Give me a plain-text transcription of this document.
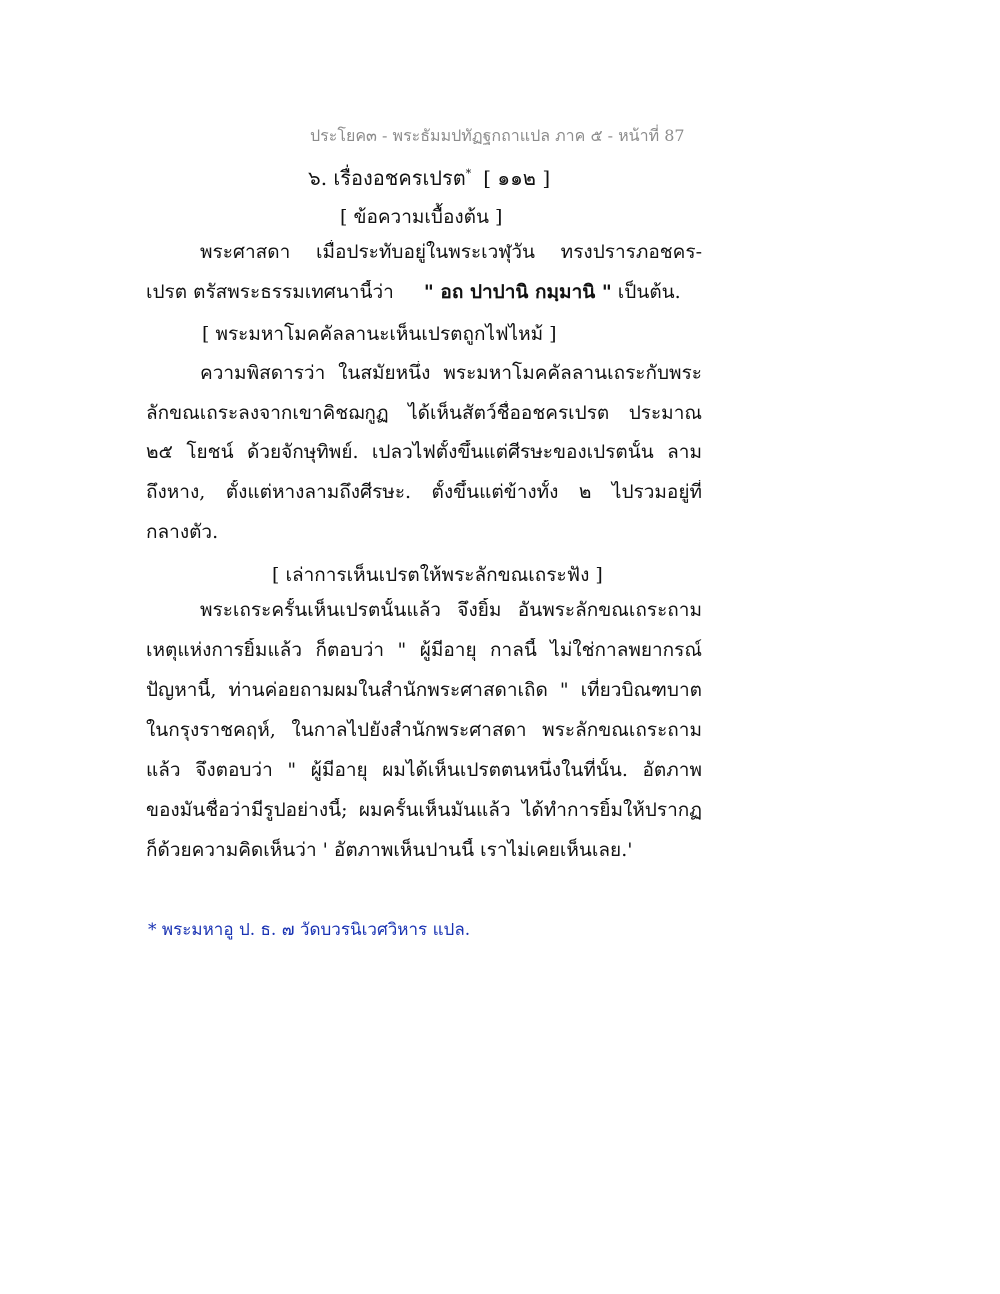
ประโยค๓ - พระธัมมปทัฏฐกถาแปล ภาค ๕ - หน้าที่ 87
๖. เรื่องอชครเปรต* [ ๑๑๒ ]
[ ข้อความเบื้องต้น ]
พระศาสดา เมื่อประทับอยู่ในพระเวฬุวัน ทรงปรารภอชคร-
เปรต ตรัสพระธรรมเทศนานี้ว่า " อถ ปาปานิ กมฺมานิ " เป็นต้น.
[ พระมหาโมคคัลลานะเห็นเปรตถูกไฟไหม้ ]
ความพิสดารว่า ในสมัยหนึ่ง พระมหาโมคคัลลานเถระกับพระ
ลักขณเถระลงจากเขาคิชฌกูฏ ได้เห็นสัตว์ชื่ออชครเปรต ประมาณ
๒๕ โยชน์ ด้วยจักษุทิพย์. เปลวไฟตั้งขึ้นแต่ศีรษะของเปรตนั้น ลาม
ถึงหาง, ตั้งแต่หางลามถึงศีรษะ. ตั้งขึ้นแต่ข้างทั้ง ๒ ไปรวมอยู่ที่
กลางตัว.
[ เล่าการเห็นเปรตให้พระลักขณเถระฟัง ]
พระเถระครั้นเห็นเปรตนั้นแล้ว จึงยิ้ม อันพระลักขณเถระถาม
เหตุแห่งการยิ้มแล้ว ก็ตอบว่า " ผู้มีอายุ กาลนี้ ไม่ใช่กาลพยากรณ์
ปัญหานี้, ท่านค่อยถามผมในสำนักพระศาสดาเถิด " เที่ยวบิณฑบาต
ในกรุงราชคฤห์, ในกาลไปยังสำนักพระศาสดา พระลักขณเถระถาม
แล้ว จึงตอบว่า " ผู้มีอายุ ผมได้เห็นเปรตตนหนึ่งในที่นั้น. อัตภาพ
ของมันชื่อว่ามีรูปอย่างนี้; ผมครั้นเห็นมันแล้ว ได้ทำการยิ้มให้ปรากฏ
ก็ด้วยความคิดเห็นว่า ' อัตภาพเห็นปานนี้ เราไม่เคยเห็นเลย.'
* พระมหาอู ป. ธ. ๗ วัดบวรนิเวศวิหาร แปล.
